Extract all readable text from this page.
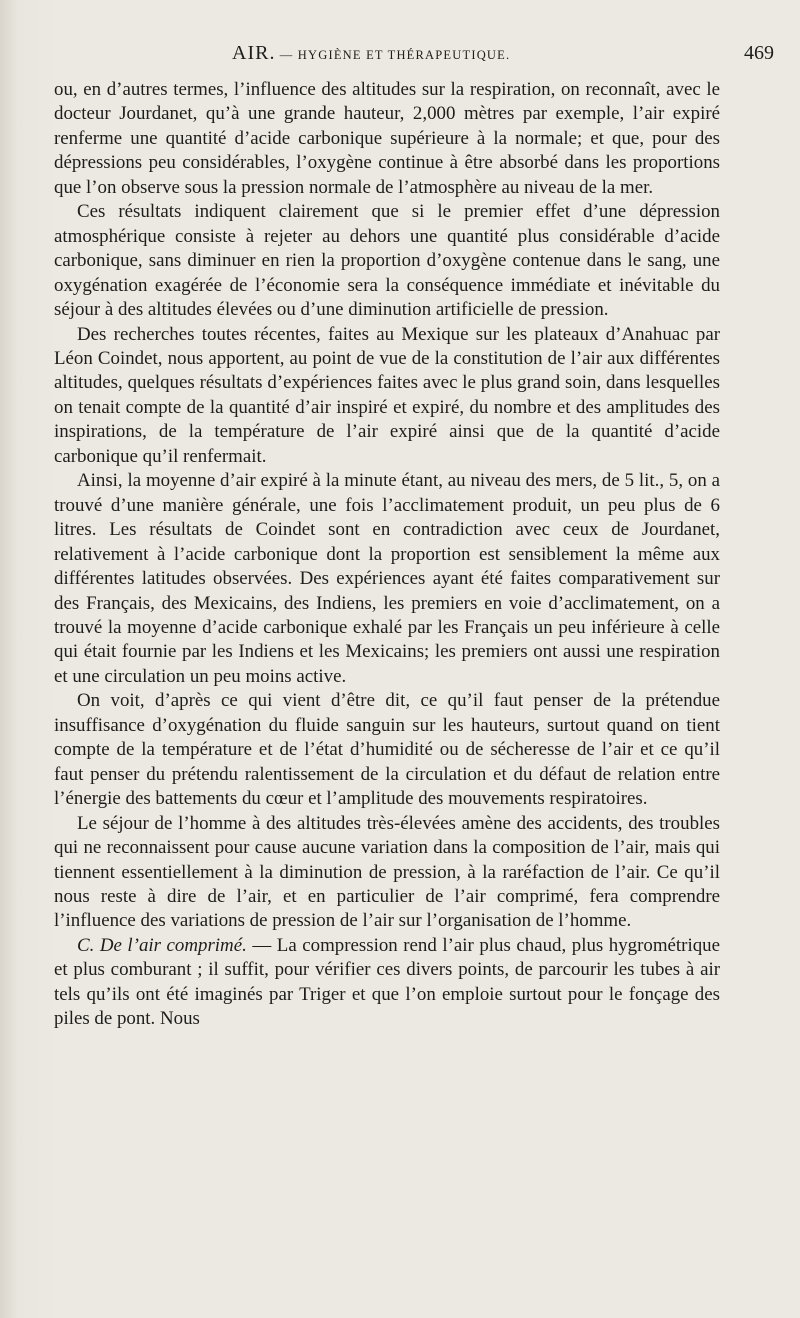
AIR. — HYGIÈNE ET THÉRAPEUTIQUE.	469

ou, en d’autres termes, l’influence des altitudes sur la respiration, on reconnaît, avec le docteur Jourdanet, qu’à une grande hauteur, 2,000 mètres par exemple, l’air expiré renferme une quantité d’acide carbonique supérieure à la normale; et que, pour des dépressions peu considérables, l’oxygène continue à être absorbé dans les proportions que l’on observe sous la pression normale de l’atmosphère au niveau de la mer.

Ces résultats indiquent clairement que si le premier effet d’une dépression atmosphérique consiste à rejeter au dehors une quantité plus considérable d’acide carbonique, sans diminuer en rien la proportion d’oxygène contenue dans le sang, une oxygénation exagérée de l’économie sera la conséquence immédiate et inévitable du séjour à des altitudes élevées ou d’une diminution artificielle de pression.

Des recherches toutes récentes, faites au Mexique sur les plateaux d’Anahuac par Léon Coindet, nous apportent, au point de vue de la constitution de l’air aux différentes altitudes, quelques résultats d’expériences faites avec le plus grand soin, dans lesquelles on tenait compte de la quantité d’air inspiré et expiré, du nombre et des amplitudes des inspirations, de la température de l’air expiré ainsi que de la quantité d’acide carbonique qu’il renfermait.

Ainsi, la moyenne d’air expiré à la minute étant, au niveau des mers, de 5 lit., 5, on a trouvé d’une manière générale, une fois l’acclimatement produit, un peu plus de 6 litres. Les résultats de Coindet sont en contradiction avec ceux de Jourdanet, relativement à l’acide carbonique dont la proportion est sensiblement la même aux différentes latitudes observées. Des expériences ayant été faites comparativement sur des Français, des Mexicains, des Indiens, les premiers en voie d’acclimatement, on a trouvé la moyenne d’acide carbonique exhalé par les Français un peu inférieure à celle qui était fournie par les Indiens et les Mexicains; les premiers ont aussi une respiration et une circulation un peu moins active.

On voit, d’après ce qui vient d’être dit, ce qu’il faut penser de la prétendue insuffisance d’oxygénation du fluide sanguin sur les hauteurs, surtout quand on tient compte de la température et de l’état d’humidité ou de sécheresse de l’air et ce qu’il faut penser du prétendu ralentissement de la circulation et du défaut de relation entre l’énergie des battements du cœur et l’amplitude des mouvements respiratoires.

Le séjour de l’homme à des altitudes très-élevées amène des accidents, des troubles qui ne reconnaissent pour cause aucune variation dans la composition de l’air, mais qui tiennent essentiellement à la diminution de pression, à la raréfaction de l’air. Ce qu’il nous reste à dire de l’air, et en particulier de l’air comprimé, fera comprendre l’influence des variations de pression de l’air sur l’organisation de l’homme.

C. De l’air comprimé. — La compression rend l’air plus chaud, plus hygrométrique et plus comburant ; il suffit, pour vérifier ces divers points, de parcourir les tubes à air tels qu’ils ont été imaginés par Triger et que l’on emploie surtout pour le fonçage des piles de pont. Nous
